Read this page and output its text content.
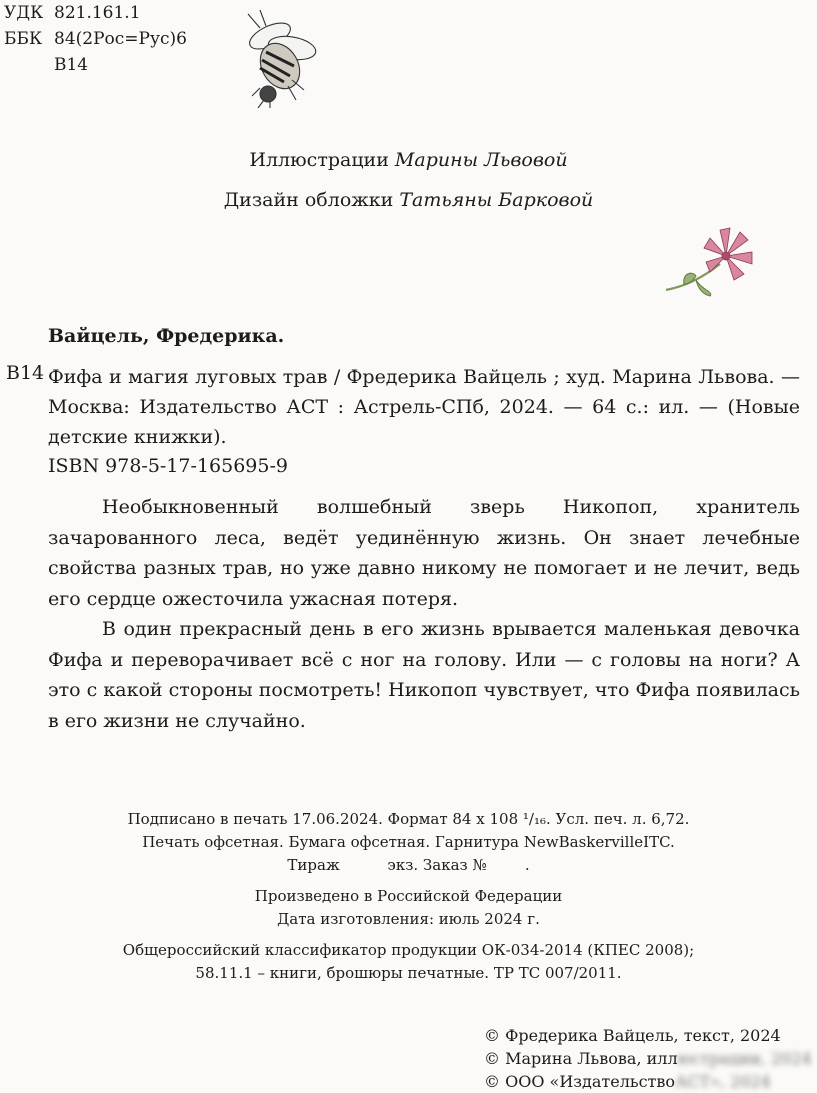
УДК 821.161.1
ББК 84(2Рос=Рус)6
В14
Иллюстрации Марины Львовой
Дизайн обложки Татьяны Барковой
Вайцель, Фредерика.
В14 Фифа и магия луговых трав / Фредерика Вайцель ; худ. Марина Львова. — Москва: Издательство АСТ : Астрель-СПб, 2024. — 64 с.: ил. — (Новые детские книжки).
ISBN 978-5-17-165695-9

Необыкновенный волшебный зверь Никопоп, хранитель зачарованного леса, ведёт уединённую жизнь. Он знает лечебные свойства разных трав, но уже давно никому не помогает и не лечит, ведь его сердце ожесточила ужасная потеря.

В один прекрасный день в его жизнь врывается маленькая девочка Фифа и переворачивает всё с ног на голову. Или — с головы на ноги? А это с какой стороны посмотреть! Никопоп чувствует, что Фифа появилась в его жизни не случайно.

Подписано в печать 17.06.2024. Формат 84 x 108 ¹/₁₆. Усл. печ. л. 6,72.
Печать офсетная. Бумага офсетная. Гарнитура NewBaskervilleITC.
Тираж          экз. Заказ №        .
Произведено в Российской Федерации
Дата изготовления: июль 2024 г.
Общероссийский классификатор продукции ОК-034-2014 (КПЕС 2008);
58.11.1 – книги, брошюры печатные. ТР ТС 007/2011.
© Фредерика Вайцель, текст, 2024
© Марина Львова, иллюстрации, 2024
© ООО «ИздательствоАСТ», 2024
